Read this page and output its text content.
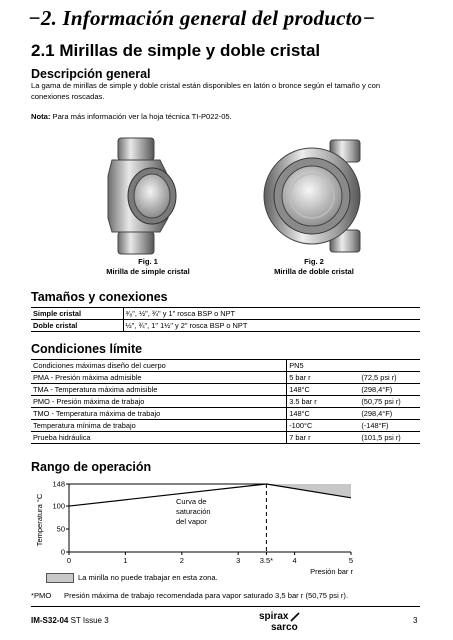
−2. Información general del producto−
2.1 Mirillas de simple y doble cristal
Descripción general
La gama de mirillas de simple y doble cristal están disponibles en latón o bronce según el tamaño y con conexiones roscadas.
Nota: Para más información ver la hoja técnica TI-P022-05.
Fig. 1
Mirilla de simple cristal
Fig. 2
Mirilla de doble cristal
Tamaños y conexiones
Simple cristal	³⁄₈", ½", ¾" y 1" rosca BSP o NPT
Doble cristal	½", ¾", 1" 1½" y 2" rosca BSP o NPT
Condiciones límite
Condiciones máximas diseño del cuerpo	PN5	
PMA - Presión máxima admisible	5 bar r	(72,5 psi r)
TMA - Temperatura máxima admisible	148°C	(298,4°F)
PMO - Presión máxima de trabajo	3.5 bar r	(50,75 psi r)
TMO - Temperatura máxima de trabajo	148°C	(298,4°F)
Temperatura mínima de trabajo	-100°C	(-148°F)
Prueba hidráulica	7 bar r	(101,5 psi r)
Rango de operación
Temperatura °C
0
50
100
148
0	1	2	3	3.5*	4	5
Curva de saturación del vapor
Presión bar r
La mirilla no puede trabajar en esta zona.
*PMO Presión máxima de trabajo recomendada para vapor saturado 3,5 bar r (50,75 psi r).
IM-S32-04 ST Issue 3	spirax
sarco
3
